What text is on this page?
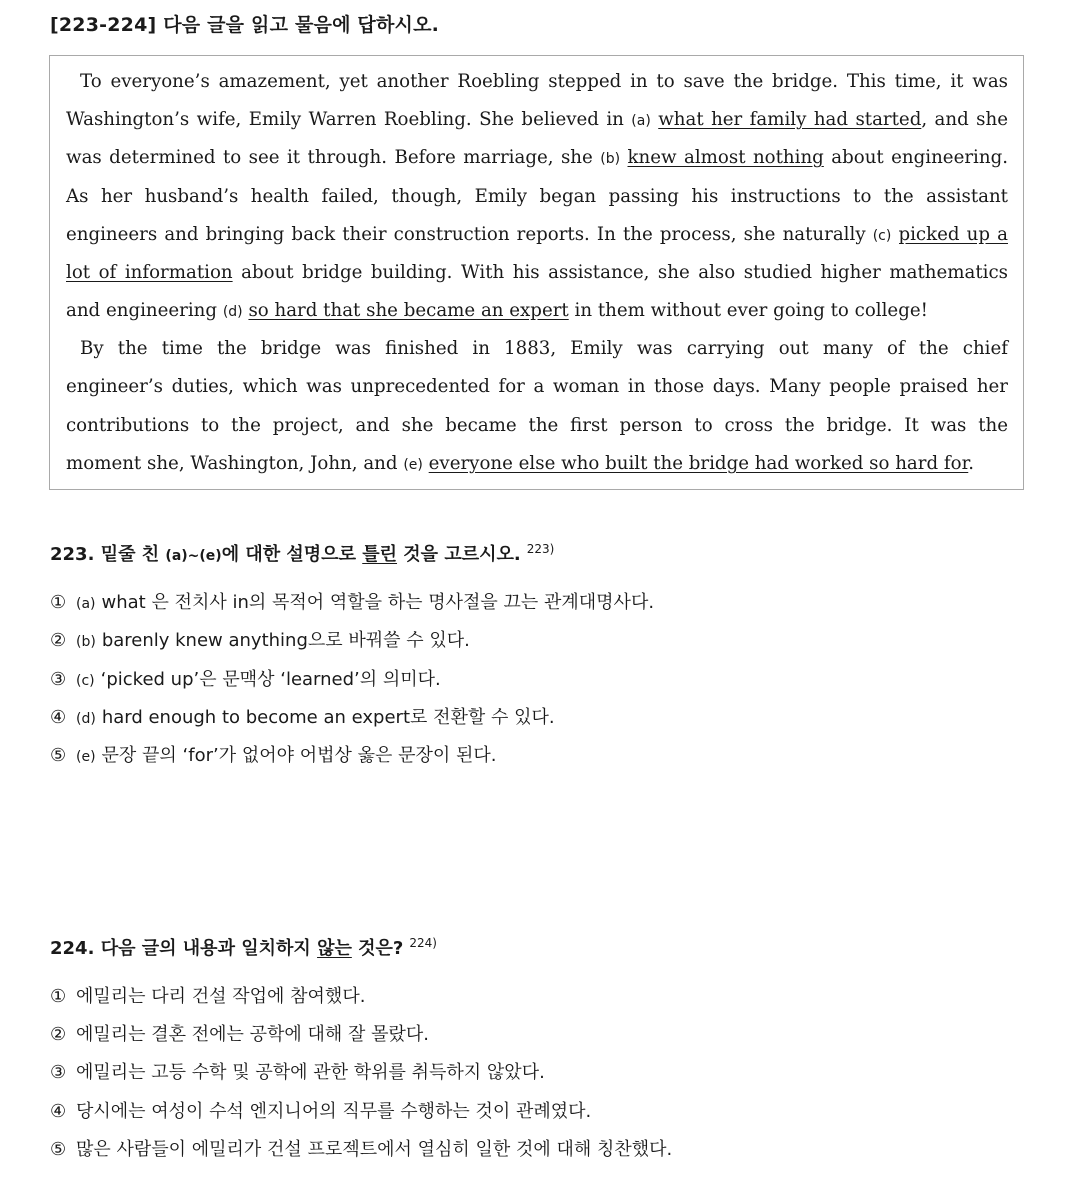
[223-224] 다음 글을 읽고 물음에 답하시오.
To everyone’s amazement, yet another Roebling stepped in to save the bridge. This time, it was
Washington’s wife, Emily Warren Roebling. She believed in (a) what her family had started, and she
was determined to see it through. Before marriage, she (b) knew almost nothing about engineering.
As her husband’s health failed, though, Emily began passing his instructions to the assistant
engineers and bringing back their construction reports. In the process, she naturally (c) picked up a
lot of information about bridge building. With his assistance, she also studied higher mathematics
and engineering (d) so hard that she became an expert in them without ever going to college!
By the time the bridge was finished in 1883, Emily was carrying out many of the chief
engineer’s duties, which was unprecedented for a woman in those days. Many people praised her
contributions to the project, and she became the first person to cross the bridge. It was the
moment she, Washington, John, and (e) everyone else who built the bridge had worked so hard for.
223. 밑줄 친 (a)~(e)에 대한 설명으로 틀린 것을 고르시오. $^{223)}$
① (a) what 은 전치사 in의 목적어 역할을 하는 명사절을 끄는 관계대명사다.
② (b) barenly knew anything으로 바꿔쓸 수 있다.
③ (c) ‘picked up’은 문맥상 ‘learned’의 의미다.
④ (d) hard enough to become an expert로 전환할 수 있다.
⑤ (e) 문장 끝의 ‘for’가 없어야 어법상 옳은 문장이 된다.
224. 다음 글의 내용과 일치하지 않는 것은? $^{224)}$
① 에밀리는 다리 건설 작업에 참여했다.
② 에밀리는 결혼 전에는 공학에 대해 잘 몰랐다.
③ 에밀리는 고등 수학 및 공학에 관한 학위를 취득하지 않았다.
④ 당시에는 여성이 수석 엔지니어의 직무를 수행하는 것이 관례였다.
⑤ 많은 사람들이 에밀리가 건설 프로젝트에서 열심히 일한 것에 대해 칭찬했다.
